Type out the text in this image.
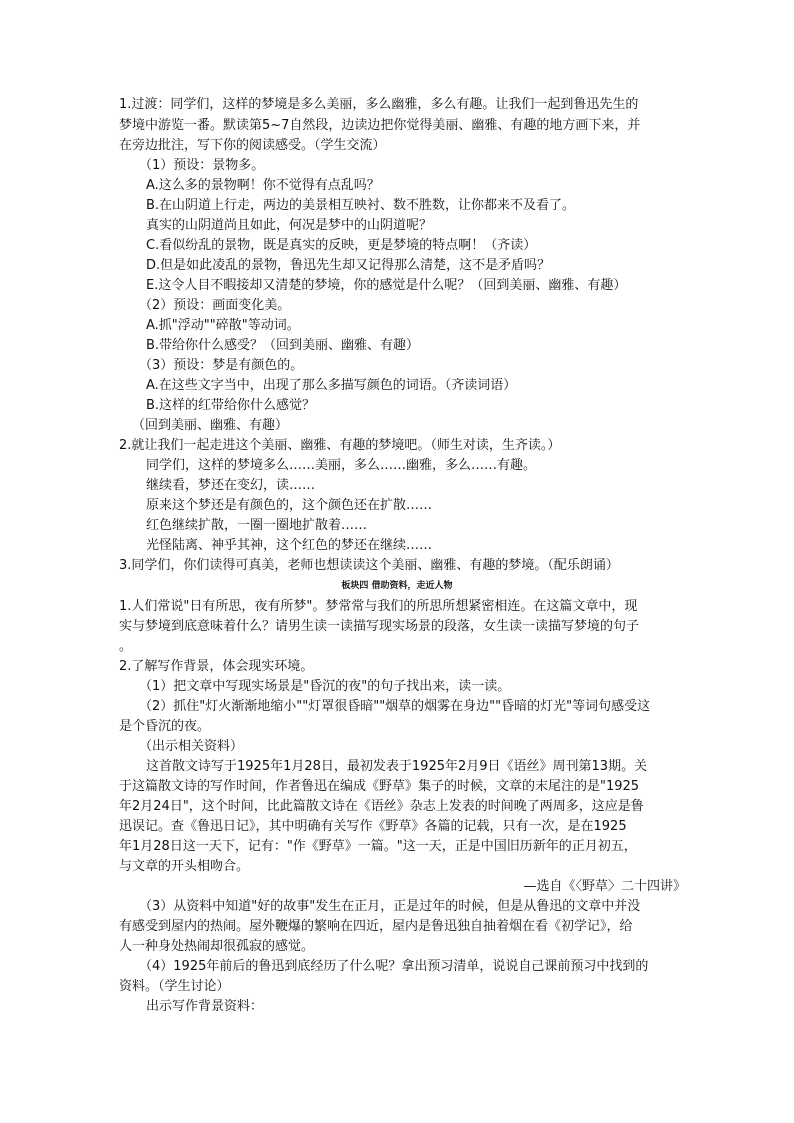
1.过渡：同学们，这样的梦境是多么美丽，多么幽雅，多么有趣。让我们一起到鲁迅先生的
梦境中游览一番。默读第5~7自然段，边读边把你觉得美丽、幽雅、有趣的地方画下来，并
在旁边批注，写下你的阅读感受。（学生交流）
（1）预设：景物多。
A.这么多的景物啊！你不觉得有点乱吗？
B.在山阴道上行走，两边的美景相互映衬、数不胜数，让你都来不及看了。
真实的山阴道尚且如此，何况是梦中的山阴道呢？
C.看似纷乱的景物，既是真实的反映，更是梦境的特点啊！（齐读）
D.但是如此凌乱的景物，鲁迅先生却又记得那么清楚，这不是矛盾吗？
E.这令人目不暇接却又清楚的梦境，你的感觉是什么呢？（回到美丽、幽雅、有趣）
（2）预设：画面变化美。
A.抓"浮动""碎散"等动词。
B.带给你什么感受？（回到美丽、幽雅、有趣）
（3）预设：梦是有颜色的。
A.在这些文字当中，出现了那么多描写颜色的词语。（齐读词语）
B.这样的红带给你什么感觉？
（回到美丽、幽雅、有趣）
2.就让我们一起走进这个美丽、幽雅、有趣的梦境吧。（师生对读，生齐读。）
同学们，这样的梦境多么……美丽，多么……幽雅，多么……有趣。
继续看，梦还在变幻，读……
原来这个梦还是有颜色的，这个颜色还在扩散……
红色继续扩散，一圈一圈地扩散着……
光怪陆离、神乎其神，这个红色的梦还在继续……
3.同学们，你们读得可真美，老师也想读读这个美丽、幽雅、有趣的梦境。（配乐朗诵）
板块四 借助资料，走近人物
1.人们常说"日有所思，夜有所梦"。梦常常与我们的所思所想紧密相连。在这篇文章中，现
实与梦境到底意味着什么？请男生读一读描写现实场景的段落，女生读一读描写梦境的句子
。
2.了解写作背景，体会现实环境。
（1）把文章中写现实场景是"昏沉的夜"的句子找出来，读一读。
（2）抓住"灯火渐渐地缩小""灯罩很昏暗""烟草的烟雾在身边""昏暗的灯光"等词句感受这
是个昏沉的夜。
（出示相关资料）
这首散文诗写于1925年1月28日，最初发表于1925年2月9日《语丝》周刊第13期。关
于这篇散文诗的写作时间，作者鲁迅在编成《野草》集子的时候，文章的末尾注的是"1925
年2月24日"，这个时间，比此篇散文诗在《语丝》杂志上发表的时间晚了两周多，这应是鲁
迅误记。查《鲁迅日记》，其中明确有关写作《野草》各篇的记载，只有一次，是在1925
年1月28日这一天下，记有："作《野草》一篇。"这一天，正是中国旧历新年的正月初五，
与文章的开头相吻合。
—选自《〈野草〉二十四讲》
（3）从资料中知道"好的故事"发生在正月，正是过年的时候，但是从鲁迅的文章中并没
有感受到屋内的热闹。屋外鞭爆的繁响在四近，屋内是鲁迅独自抽着烟在看《初学记》，给
人一种身处热闹却很孤寂的感觉。
（4）1925年前后的鲁迅到底经历了什么呢？拿出预习清单，说说自己课前预习中找到的
资料。（学生讨论）
出示写作背景资料：
